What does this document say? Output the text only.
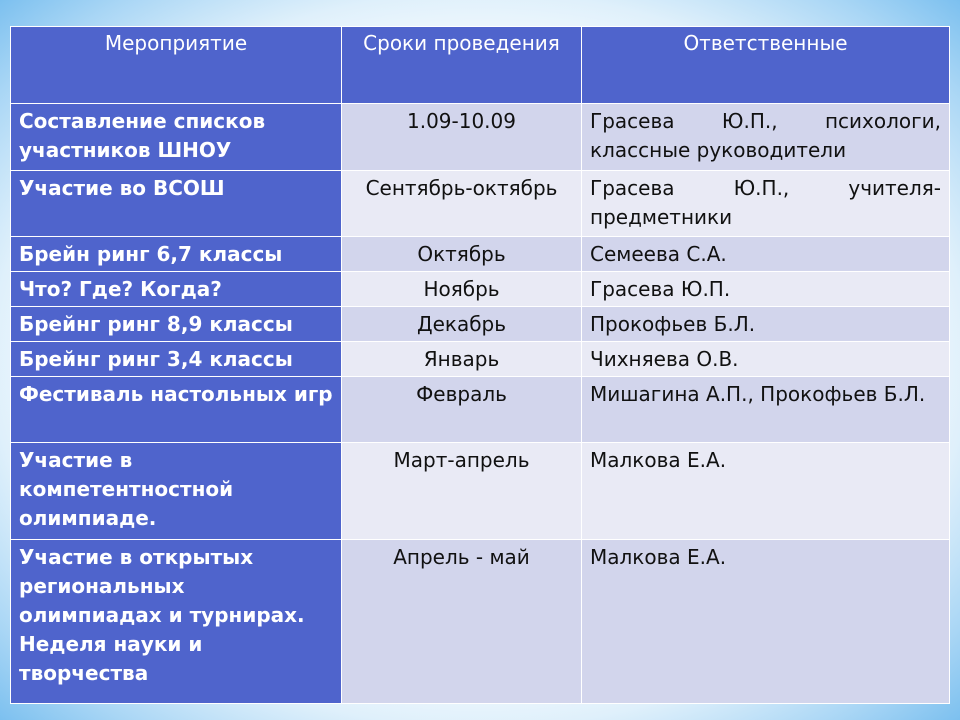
Мероприятие	Сроки проведения	Ответственные
Составление списков участников ШНОУ	1.09-10.09	Грасева Ю.П., психологи, классные руководители
Участие во ВСОШ	Сентябрь-октябрь	Грасева Ю.П., учителя-предметники
Брейн ринг 6,7 классы	Октябрь	Семеева С.А.
Что? Где? Когда?	Ноябрь	Грасева Ю.П.
Брейнг ринг 8,9 классы	Декабрь	Прокофьев Б.Л.
Брейнг ринг 3,4 классы	Январь	Чихняева О.В.
Фестиваль настольных игр	Февраль	Мишагина А.П., Прокофьев Б.Л.
Участие в компетентностной олимпиаде.	Март-апрель	Малкова Е.А.
Участие в открытых региональных олимпиадах и турнирах. Неделя науки и творчества	Апрель - май	Малкова Е.А.
